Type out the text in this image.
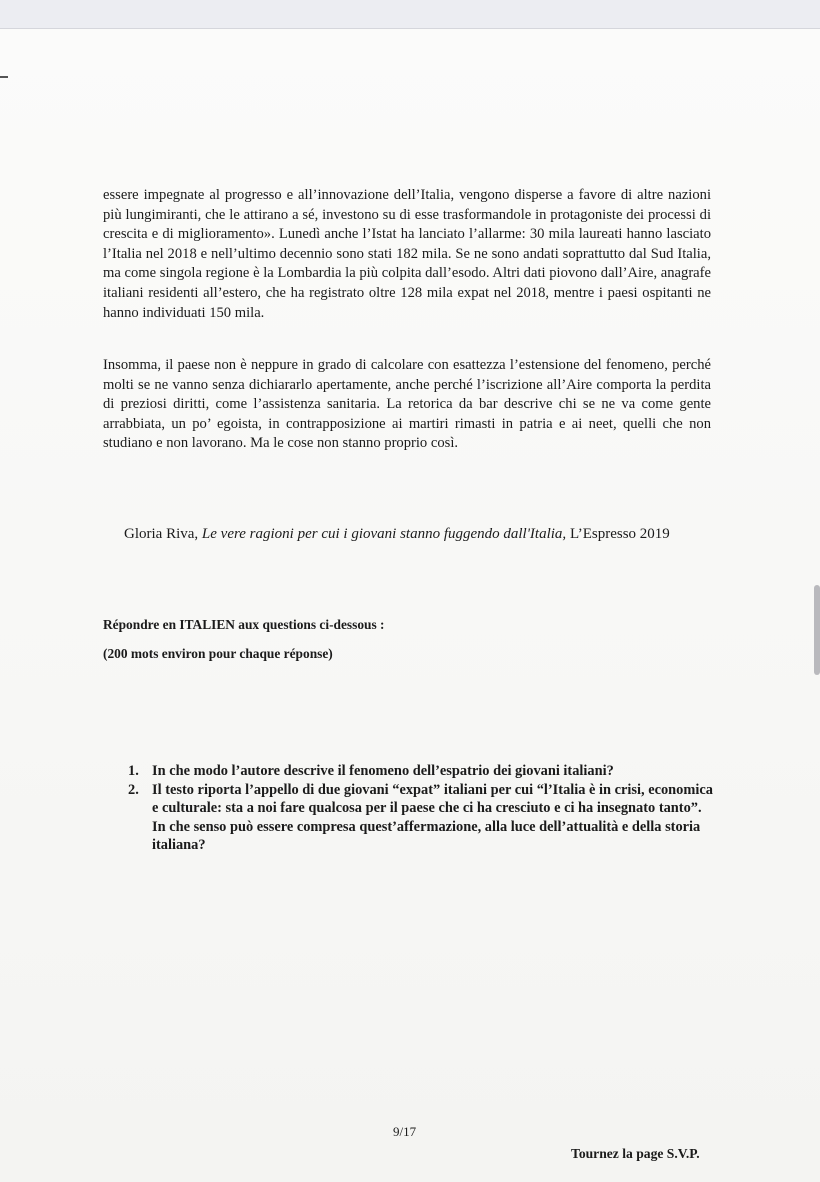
essere impegnate al progresso e all’innovazione dell’Italia, vengono disperse a favore di altre nazioni più lungimiranti, che le attirano a sé, investono su di esse trasformandole in protagoniste dei processi di crescita e di miglioramento». Lunedì anche l’Istat ha lanciato l’allarme: 30 mila laureati hanno lasciato l’Italia nel 2018 e nell’ultimo decennio sono stati 182 mila. Se ne sono andati soprattutto dal Sud Italia, ma come singola regione è la Lombardia la più colpita dall’esodo. Altri dati piovono dall’Aire, anagrafe italiani residenti all’estero, che ha registrato oltre 128 mila expat nel 2018, mentre i paesi ospitanti ne hanno individuati 150 mila.

Insomma, il paese non è neppure in grado di calcolare con esattezza l’estensione del fenomeno, perché molti se ne vanno senza dichiararlo apertamente, anche perché l’iscrizione all’Aire comporta la perdita di preziosi diritti, come l’assistenza sanitaria. La retorica da bar descrive chi se ne va come gente arrabbiata, un po’ egoista, in contrapposizione ai martiri rimasti in patria e ai neet, quelli che non studiano e non lavorano. Ma le cose non stanno proprio così.

Gloria Riva, Le vere ragioni per cui i giovani stanno fuggendo dall'Italia, L’Espresso 2019

Répondre en ITALIEN aux questions ci-dessous :

(200 mots environ pour chaque réponse)

1. In che modo l’autore descrive il fenomeno dell’espatrio dei giovani italiani?
2. Il testo riporta l’appello di due giovani “expat” italiani per cui “l’Italia è in crisi, economica e culturale: sta a noi fare qualcosa per il paese che ci ha cresciuto e ci ha insegnato tanto”. In che senso può essere compresa quest’affermazione, alla luce dell’attualità e della storia italiana?
9/17
Tournez la page S.V.P.
